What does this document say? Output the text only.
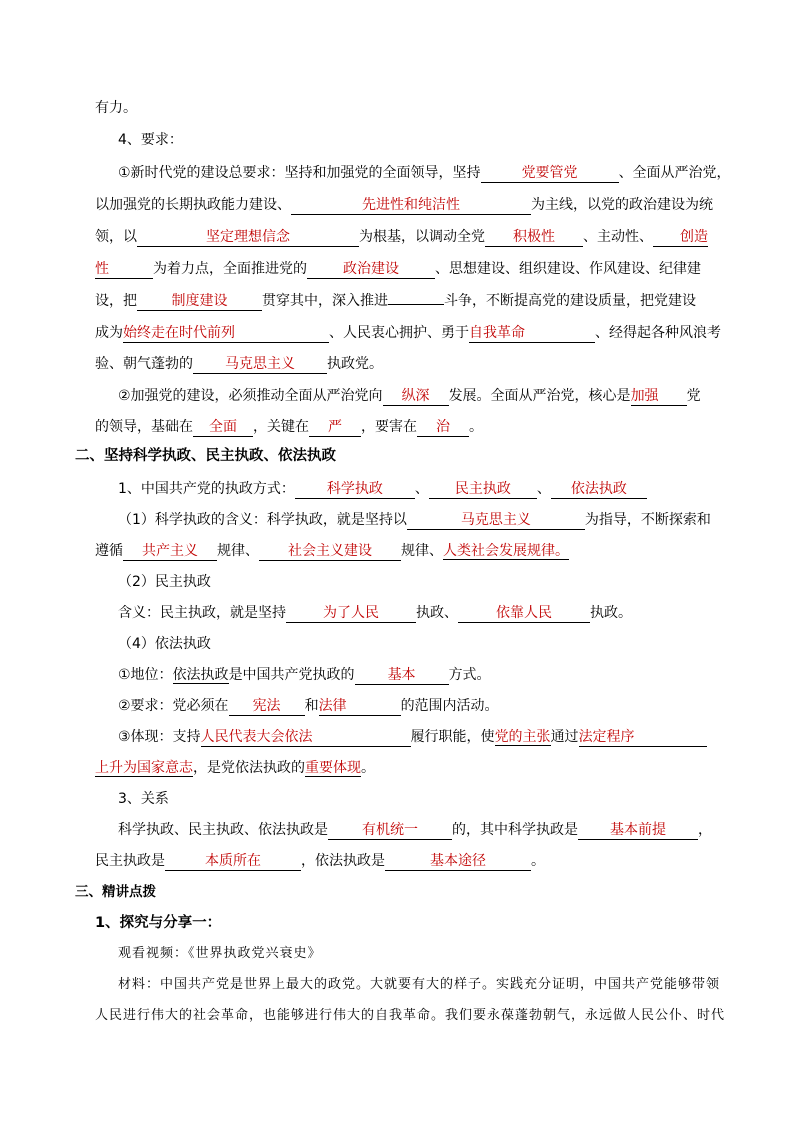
有力。
4、要求：
①新时代党的建设总要求：坚持和加强党的全面领导，坚持	党要管党	、全面从严治党，
以加强党的长期执政能力建设、	先进性和纯洁性	为主线，以党的政治建设为统
领，以	坚定理想信念	为根基，以调动全党 积极性 、主动性、 创造
性	为着力点，全面推进党的	政治建设	、思想建设、组织建设、作风建设、纪律建
设，把 制度建设 贯穿其中，深入推进	斗争，不断提高党的建设质量，把党建设
成为始终走在时代前列	、人民衷心拥护、勇于自我革命	、经得起各种风浪考
验、朝气蓬勃的 马克思主义 执政党。
②加强党的建设，必须推动全面从严治党向 纵深 发展。全面从严治党，核心是加强 党
的领导，基础在 全面 ，关键在 严 ，要害在 治 。
二、坚持科学执政、民主执政、依法执政
1、中国共产党的执政方式： 科学执政 、 民主执政 、 依法执政
（1）科学执政的含义：科学执政，就是坚持以	马克思主义	为指导，不断探索和
遵循 共产主义 规律、 社会主义建设 规律、人类社会发展规律。
（2）民主执政
含义：民主执政，就是坚持	为了人民	执政、	依靠人民	执政。
（4）依法执政
①地位：依法执政是中国共产党执政的 基本 方式。
②要求：党必须在 宪法 和法律	的范围内活动。
③体现：支持人民代表大会依法	履行职能，使党的主张通过法定程序
上升为国家意志，是党依法执政的重要体现。
3、关系
科学执政、民主执政、依法执政是 有机统一 的，其中科学执政是 基本前提 ，
民主执政是	本质所在	，依法执政是	基本途径	。
三、精讲点拨
1、探究与分享一：
观看视频：《世界执政党兴衰史》
材料：中国共产党是世界上最大的政党。大就要有大的样子。实践充分证明，中国共产党能够带领
人民进行伟大的社会革命，也能够进行伟大的自我革命。我们要永葆蓬勃朝气，永远做人民公仆、时代
